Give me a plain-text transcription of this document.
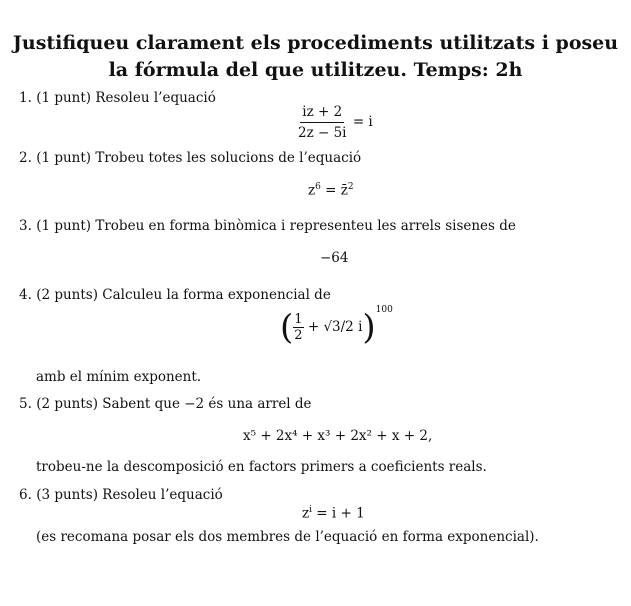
Justifiqueu clarament els procediments utilitzats i poseu la fórmula del que utilitzeu. Temps: 2h
1. (1 punt) Resoleu l’equació
$\frac{iz + 2}{2z - 5i} = i$
2. (1 punt) Trobeu totes les solucions de l’equació
$z^6$ = z̄$^2$
3. (1 punt) Trobeu en forma binòmica i representeu les arrels sisenes de
−64
4. (2 punts) Calculeu la forma exponencial de
( $\frac{1}{2} + √3/2$ i)$^{100}$
amb el mínim exponent.
5. (2 punts) Sabent que −2 és una arrel de
x⁵ + 2x⁴ + x³ + 2x² + x + 2,
trobeu-ne la descomposició en factors primers a coeficients reals.
6. (3 punts) Resoleu l’equació
$z^i = i + 1$
(es recomana posar els dos membres de l’equació en forma exponencial).
